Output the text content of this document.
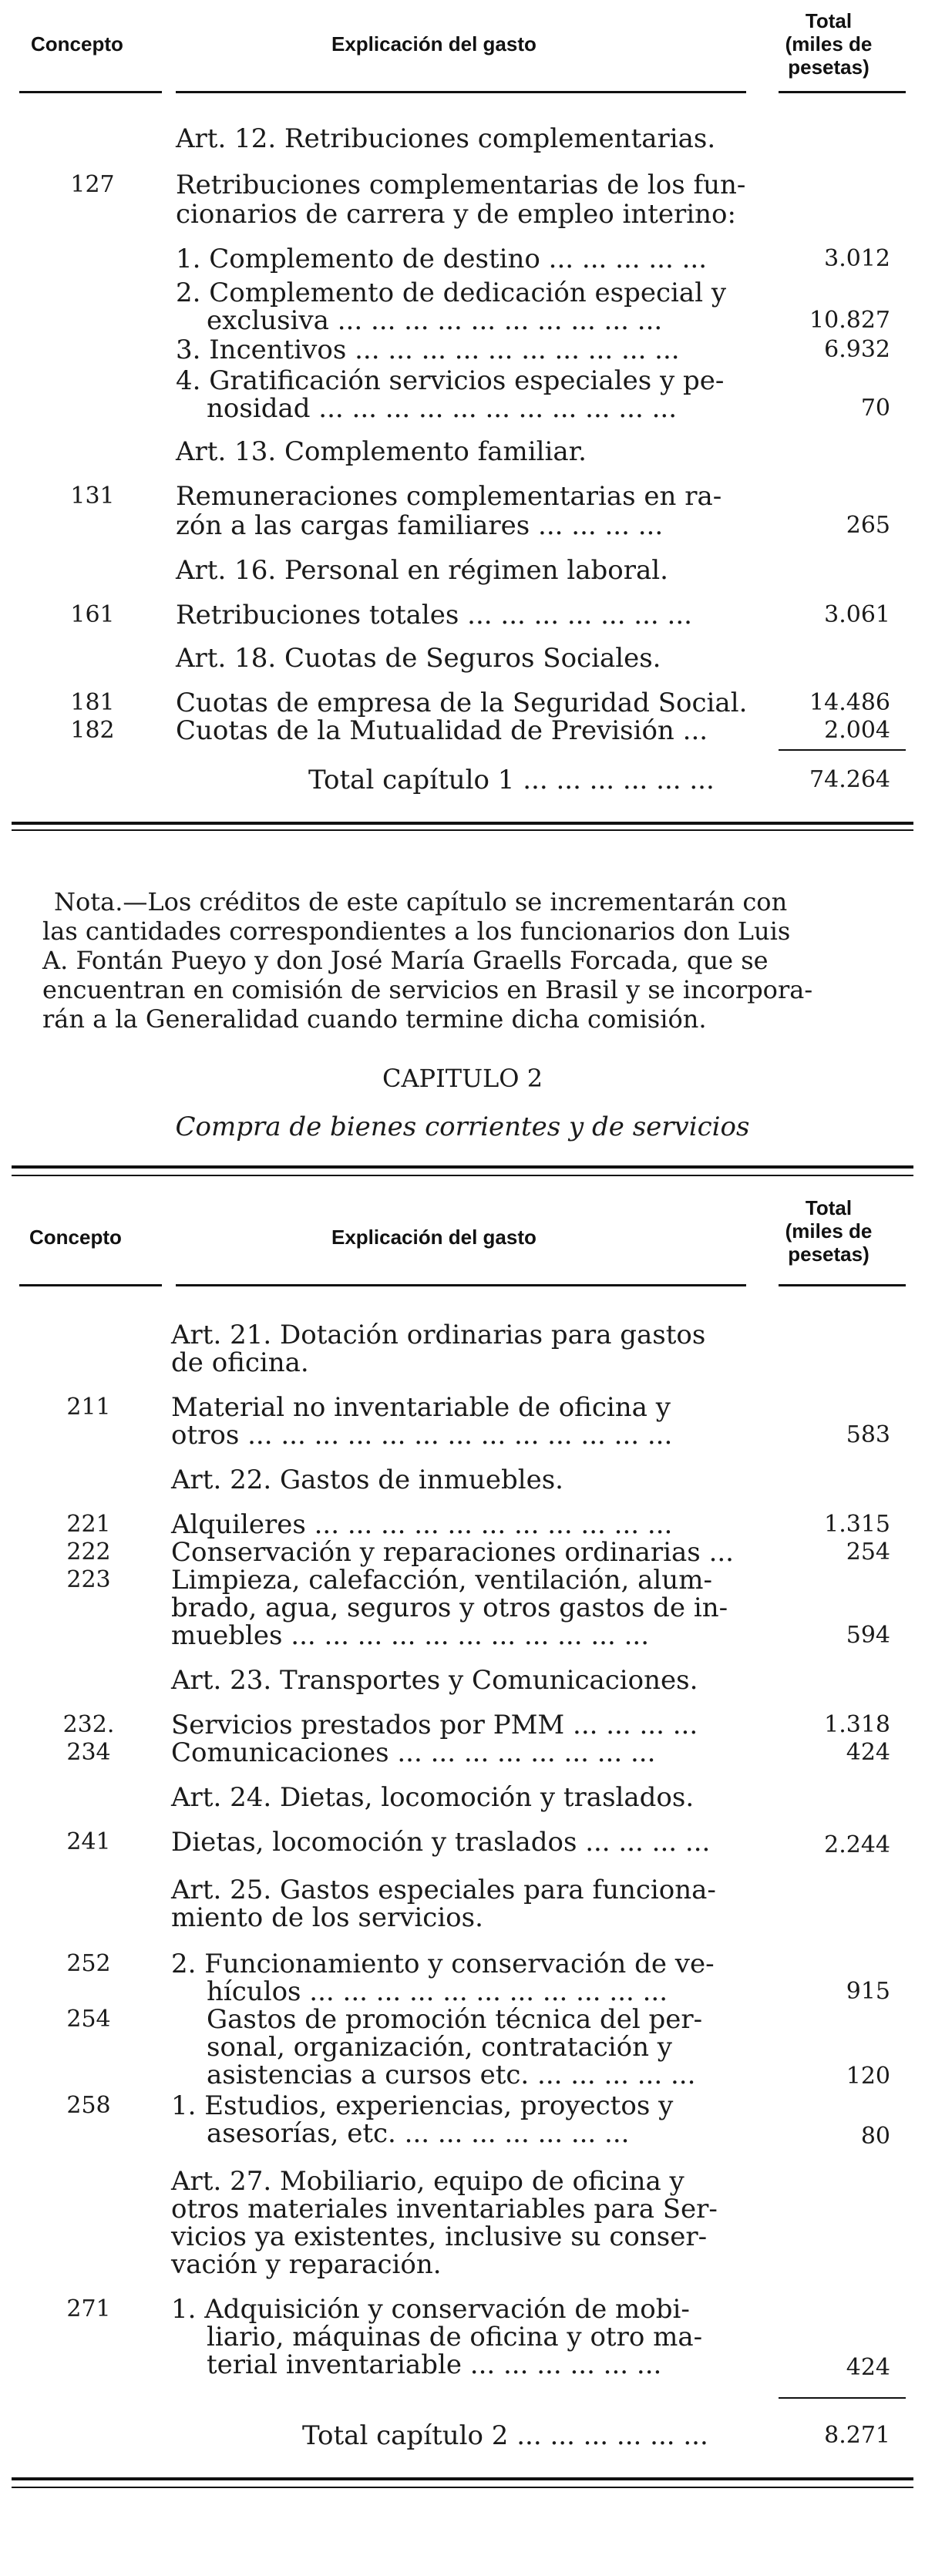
Concepto	Explicación del gasto
Total
(miles de
pesetas)
Art. 12. Retribuciones complementarias.
127	Retribuciones complementarias de los fun-
cionarios de carrera y de empleo interino:
1. Complemento de destino ... ... ... ... ...	3.012
2. Complemento de dedicación especial y
exclusiva ... ... ... ... ... ... ... ... ... ...	10.827
3. Incentivos ... ... ... ... ... ... ... ... ... ...	6.932
4. Gratificación servicios especiales y pe-
nosidad ... ... ... ... ... ... ... ... ... ... ...	70
Art. 13. Complemento familiar.
131	Remuneraciones complementarias en ra-
zón a las cargas familiares ... ... ... ...	265
Art. 16. Personal en régimen laboral.
161	Retribuciones totales ... ... ... ... ... ... ...	3.061
Art. 18. Cuotas de Seguros Sociales.
181	Cuotas de empresa de la Seguridad Social.	14.486
182	Cuotas de la Mutualidad de Previsión ...	2.004
Total capítulo 1 ... ... ... ... ... ...	74.264
Nota.—Los créditos de este capítulo se incrementarán con
las cantidades correspondientes a los funcionarios don Luis
A. Fontán Pueyo y don José María Graells Forcada, que se
encuentran en comisión de servicios en Brasil y se incorpora-
rán a la Generalidad cuando termine dicha comisión.
CAPITULO 2
Compra de bienes corrientes y de servicios
Concepto	Explicación del gasto
Total
(miles de
pesetas)
Art. 21. Dotación ordinarias para gastos
de oficina.
211	Material no inventariable de oficina y
otros ... ... ... ... ... ... ... ... ... ... ... ... ...	583
Art. 22. Gastos de inmuebles.
221	Alquileres ... ... ... ... ... ... ... ... ... ... ...	1.315
222	Conservación y reparaciones ordinarias ...	254
223	Limpieza, calefacción, ventilación, alum-
brado, agua, seguros y otros gastos de in-
muebles ... ... ... ... ... ... ... ... ... ... ...	594
Art. 23. Transportes y Comunicaciones.
232.	Servicios prestados por PMM ... ... ... ...	1.318
234	Comunicaciones ... ... ... ... ... ... ... ...	424
Art. 24. Dietas, locomoción y traslados.
241	Dietas, locomoción y traslados ... ... ... ...	2.244
Art. 25. Gastos especiales para funciona-
miento de los servicios.
252	2. Funcionamiento y conservación de ve-
hículos ... ... ... ... ... ... ... ... ... ... ...	915
254	Gastos de promoción técnica del per-
sonal, organización, contratación y
asistencias a cursos etc. ... ... ... ... ...	120
258	1. Estudios, experiencias, proyectos y
asesorías, etc. ... ... ... ... ... ... ...	80
Art. 27. Mobiliario, equipo de oficina y
otros materiales inventariables para Ser-
vicios ya existentes, inclusive su conser-
vación y reparación.
271	1. Adquisición y conservación de mobi-
liario, máquinas de oficina y otro ma-
terial inventariable ... ... ... ... ... ...	424
Total capítulo 2 ... ... ... ... ... ...	8.271
